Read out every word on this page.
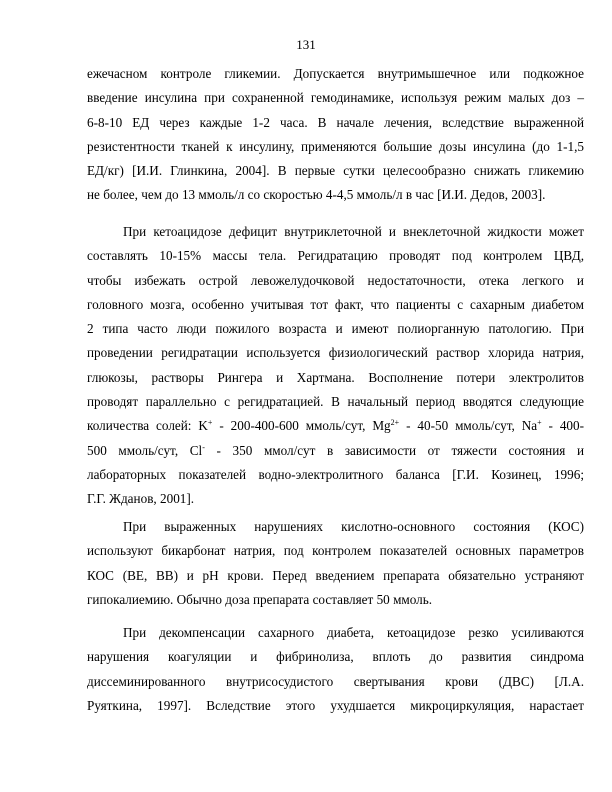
131
ежечасном контроле гликемии. Допускается внутримышечное или подкожное
введение инсулина при сохраненной гемодинамике, используя режим малых доз –
6-8-10 ЕД через каждые 1-2 часа. В начале лечения, вследствие выраженной
резистентности тканей к инсулину, применяются большие дозы инсулина (до 1-1,5
ЕД/кг) [И.И. Глинкина, 2004]. В первые сутки целесообразно снижать гликемию
не более, чем до 13 ммоль/л со скоростью 4-4,5 ммоль/л в час [И.И. Дедов, 2003].
При кетоацидозе дефицит внутриклеточной и внеклеточной жидкости может
составлять 10-15% массы тела. Регидратацию проводят под контролем ЦВД,
чтобы избежать острой левожелудочковой недостаточности, отека легкого и
головного мозга, особенно учитывая тот факт, что пациенты с сахарным диабетом
2 типа часто люди пожилого возраста и имеют полиорганную патологию. При
проведении регидратации используется физиологический раствор хлорида натрия,
глюкозы, растворы Рингера и Хартмана. Восполнение потери электролитов
проводят параллельно с регидратацией. В начальный период вводятся следующие
количества солей: K+ - 200-400-600 ммоль/сут, $Mg^{2+} - 40-50$ ммоль/сут, Na+ - 400-
500 ммоль/сут, Cl- - 350 ммол/сут в зависимости от тяжести состояния и
лабораторных показателей водно-электролитного баланса [Г.И. Козинец, 1996;
Г.Г. Жданов, 2001].
При выраженных нарушениях кислотно-основного состояния (КОС)
используют бикарбонат натрия, под контролем показателей основных параметров
КОС (ВЕ, ВВ) и рН крови. Перед введением препарата обязательно устраняют
гипокалиемию. Обычно доза препарата составляет 50 ммоль.
При декомпенсации сахарного диабета, кетоацидозе резко усиливаются
нарушения коагуляции и фибринолиза, вплоть до развития синдрома
диссеминированного внутрисосудистого свертывания крови (ДВС) [Л.А.
Руяткина, 1997]. Вследствие этого ухудшается микроциркуляция, нарастает
